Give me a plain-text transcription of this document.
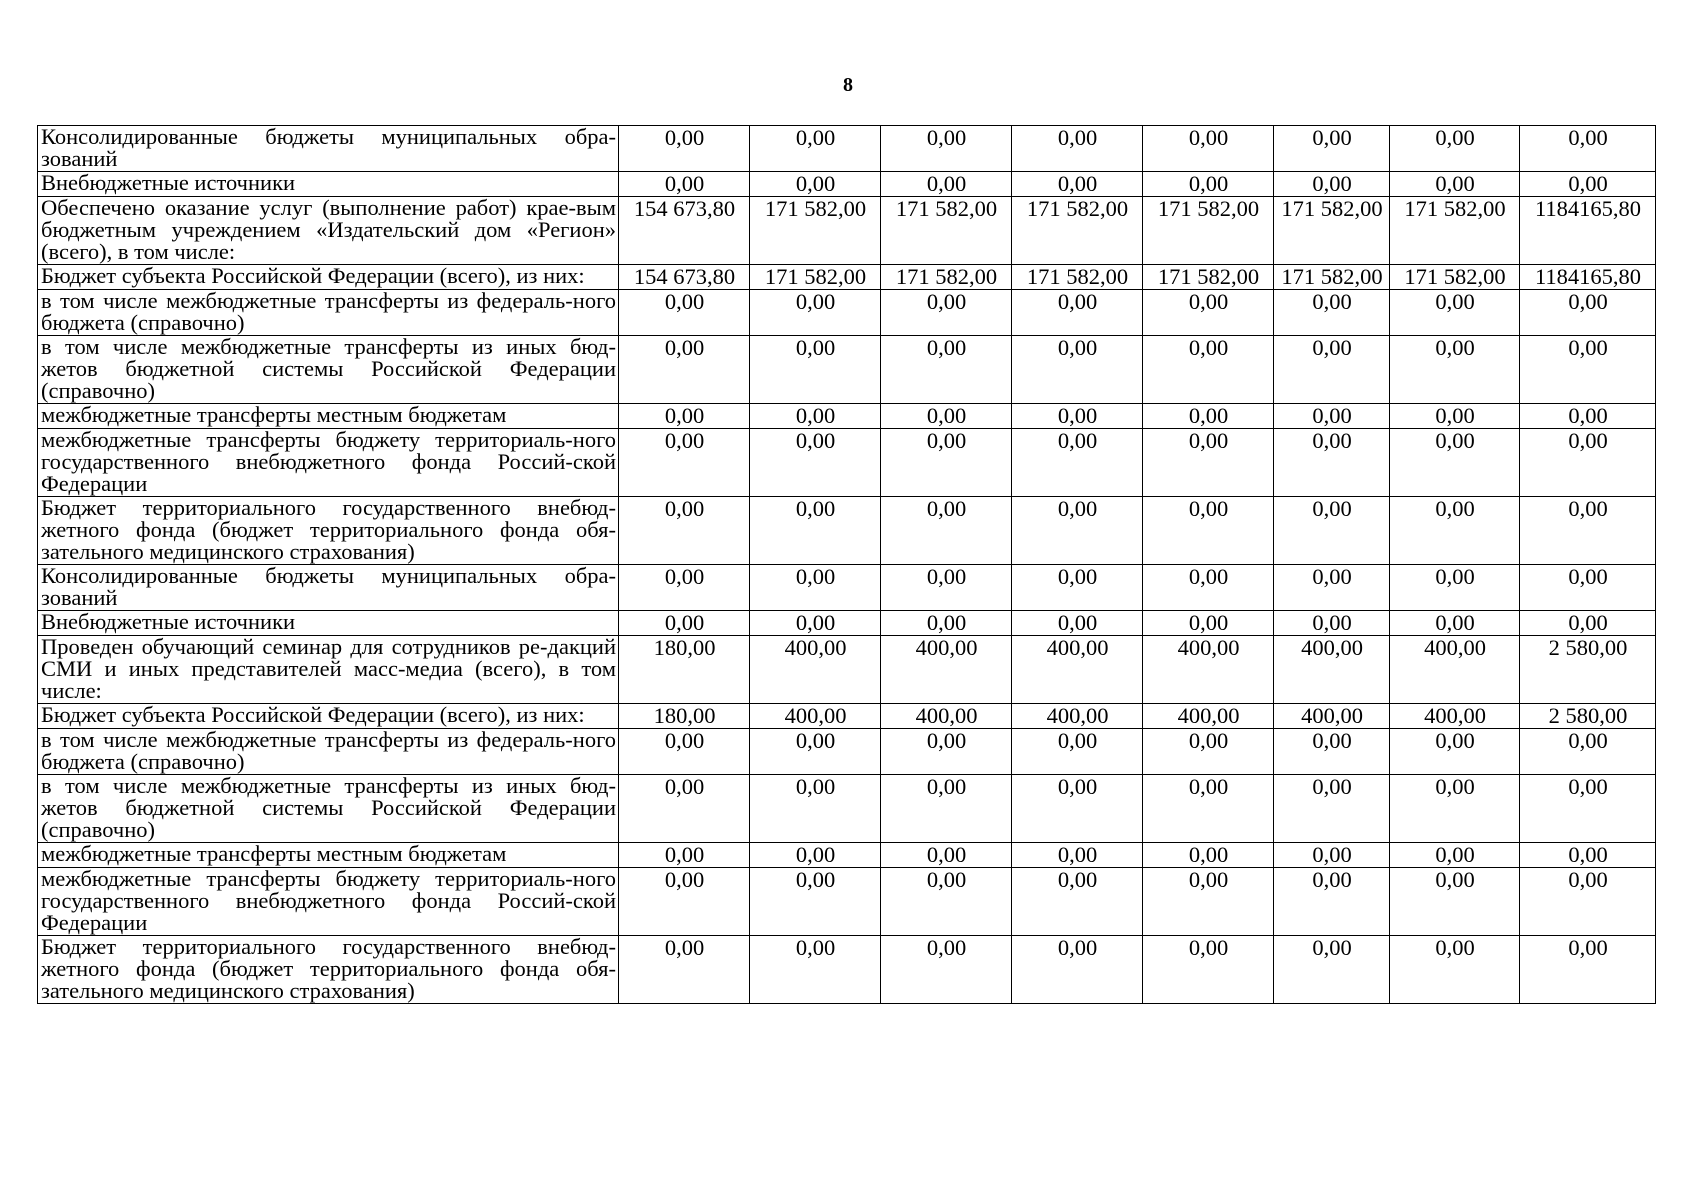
8
Консолидированные бюджеты муниципальных обра-зований	0,00	0,00	0,00	0,00	0,00	0,00	0,00	0,00
Внебюджетные источники	0,00	0,00	0,00	0,00	0,00	0,00	0,00	0,00
Обеспечено оказание услуг (выполнение работ) крае-вым бюджетным учреждением «Издательский дом «Регион» (всего), в том числе:	154 673,80	171 582,00	171 582,00	171 582,00	171 582,00	171 582,00	171 582,00	1184165,80
Бюджет субъекта Российской Федерации (всего), из них:	154 673,80	171 582,00	171 582,00	171 582,00	171 582,00	171 582,00	171 582,00	1184165,80
в том числе межбюджетные трансферты из федераль-ного бюджета (справочно)	0,00	0,00	0,00	0,00	0,00	0,00	0,00	0,00
в том числе межбюджетные трансферты из иных бюд-жетов бюджетной системы Российской Федерации (справочно)	0,00	0,00	0,00	0,00	0,00	0,00	0,00	0,00
межбюджетные трансферты местным бюджетам	0,00	0,00	0,00	0,00	0,00	0,00	0,00	0,00
межбюджетные трансферты бюджету территориаль-ного государственного внебюджетного фонда Россий-ской Федерации	0,00	0,00	0,00	0,00	0,00	0,00	0,00	0,00
Бюджет территориального государственного внебюд-жетного фонда (бюджет территориального фонда обя-зательного медицинского страхования)	0,00	0,00	0,00	0,00	0,00	0,00	0,00	0,00
Консолидированные бюджеты муниципальных обра-зований	0,00	0,00	0,00	0,00	0,00	0,00	0,00	0,00
Внебюджетные источники	0,00	0,00	0,00	0,00	0,00	0,00	0,00	0,00
Проведен обучающий семинар для сотрудников ре-дакций СМИ и иных представителей масс-медиа (всего), в том числе:	180,00	400,00	400,00	400,00	400,00	400,00	400,00	2 580,00
Бюджет субъекта Российской Федерации (всего), из них:	180,00	400,00	400,00	400,00	400,00	400,00	400,00	2 580,00
в том числе межбюджетные трансферты из федераль-ного бюджета (справочно)	0,00	0,00	0,00	0,00	0,00	0,00	0,00	0,00
в том числе межбюджетные трансферты из иных бюд-жетов бюджетной системы Российской Федерации (справочно)	0,00	0,00	0,00	0,00	0,00	0,00	0,00	0,00
межбюджетные трансферты местным бюджетам	0,00	0,00	0,00	0,00	0,00	0,00	0,00	0,00
межбюджетные трансферты бюджету территориаль-ного государственного внебюджетного фонда Россий-ской Федерации	0,00	0,00	0,00	0,00	0,00	0,00	0,00	0,00
Бюджет территориального государственного внебюд-жетного фонда (бюджет территориального фонда обя-зательного медицинского страхования)	0,00	0,00	0,00	0,00	0,00	0,00	0,00	0,00
